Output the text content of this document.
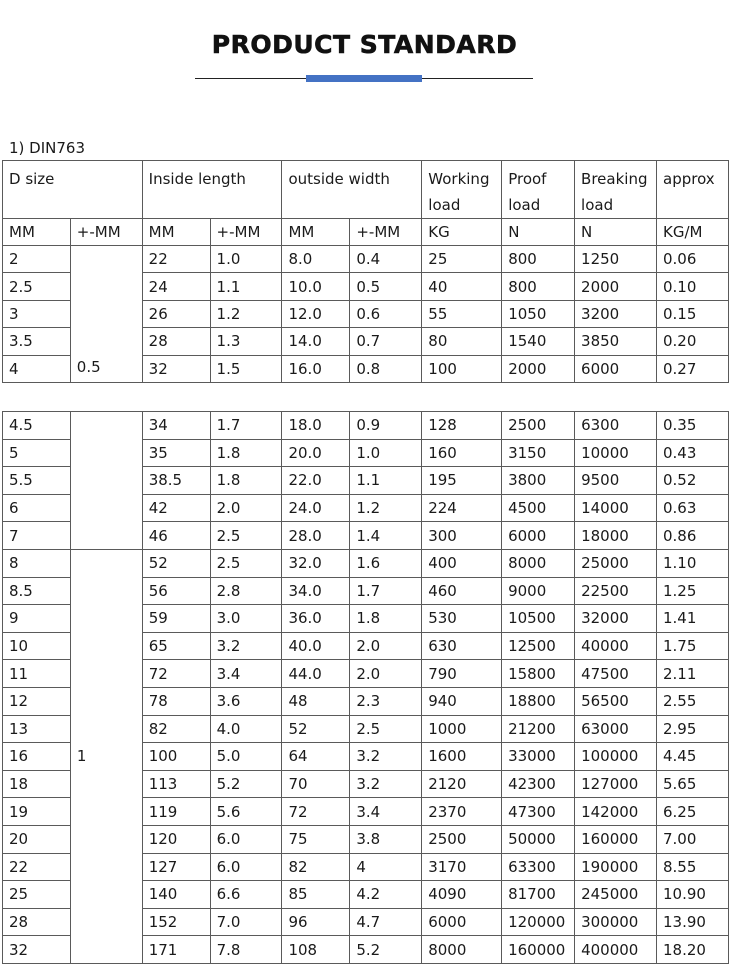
PRODUCT STANDARD
1) DIN763
D size		Inside length		outside width		Working load	Proof load	Breaking load	approx
MM	+-MM	MM	+-MM	MM	+-MM	KG	N	N	KG/M
2	0.5	22	1.0	8.0	0.4	25	800	1250	0.06
2.5		24	1.1	10.0	0.5	40	800	2000	0.10
3		26	1.2	12.0	0.6	55	1050	3200	0.15
3.5		28	1.3	14.0	0.7	80	1540	3850	0.20
4		32	1.5	16.0	0.8	100	2000	6000	0.27
4.5		34	1.7	18.0	0.9	128	2500	6300	0.35
5		35	1.8	20.0	1.0	160	3150	10000	0.43
5.5		38.5	1.8	22.0	1.1	195	3800	9500	0.52
6		42	2.0	24.0	1.2	224	4500	14000	0.63
7		46	2.5	28.0	1.4	300	6000	18000	0.86
8	1	52	2.5	32.0	1.6	400	8000	25000	1.10
8.5		56	2.8	34.0	1.7	460	9000	22500	1.25
9		59	3.0	36.0	1.8	530	10500	32000	1.41
10		65	3.2	40.0	2.0	630	12500	40000	1.75
11		72	3.4	44.0	2.0	790	15800	47500	2.11
12		78	3.6	48	2.3	940	18800	56500	2.55
13		82	4.0	52	2.5	1000	21200	63000	2.95
16		100	5.0	64	3.2	1600	33000	100000	4.45
18		113	5.2	70	3.2	2120	42300	127000	5.65
19		119	5.6	72	3.4	2370	47300	142000	6.25
20		120	6.0	75	3.8	2500	50000	160000	7.00
22		127	6.0	82	4	3170	63300	190000	8.55
25		140	6.6	85	4.2	4090	81700	245000	10.90
28		152	7.0	96	4.7	6000	120000	300000	13.90
32		171	7.8	108	5.2	8000	160000	400000	18.20
